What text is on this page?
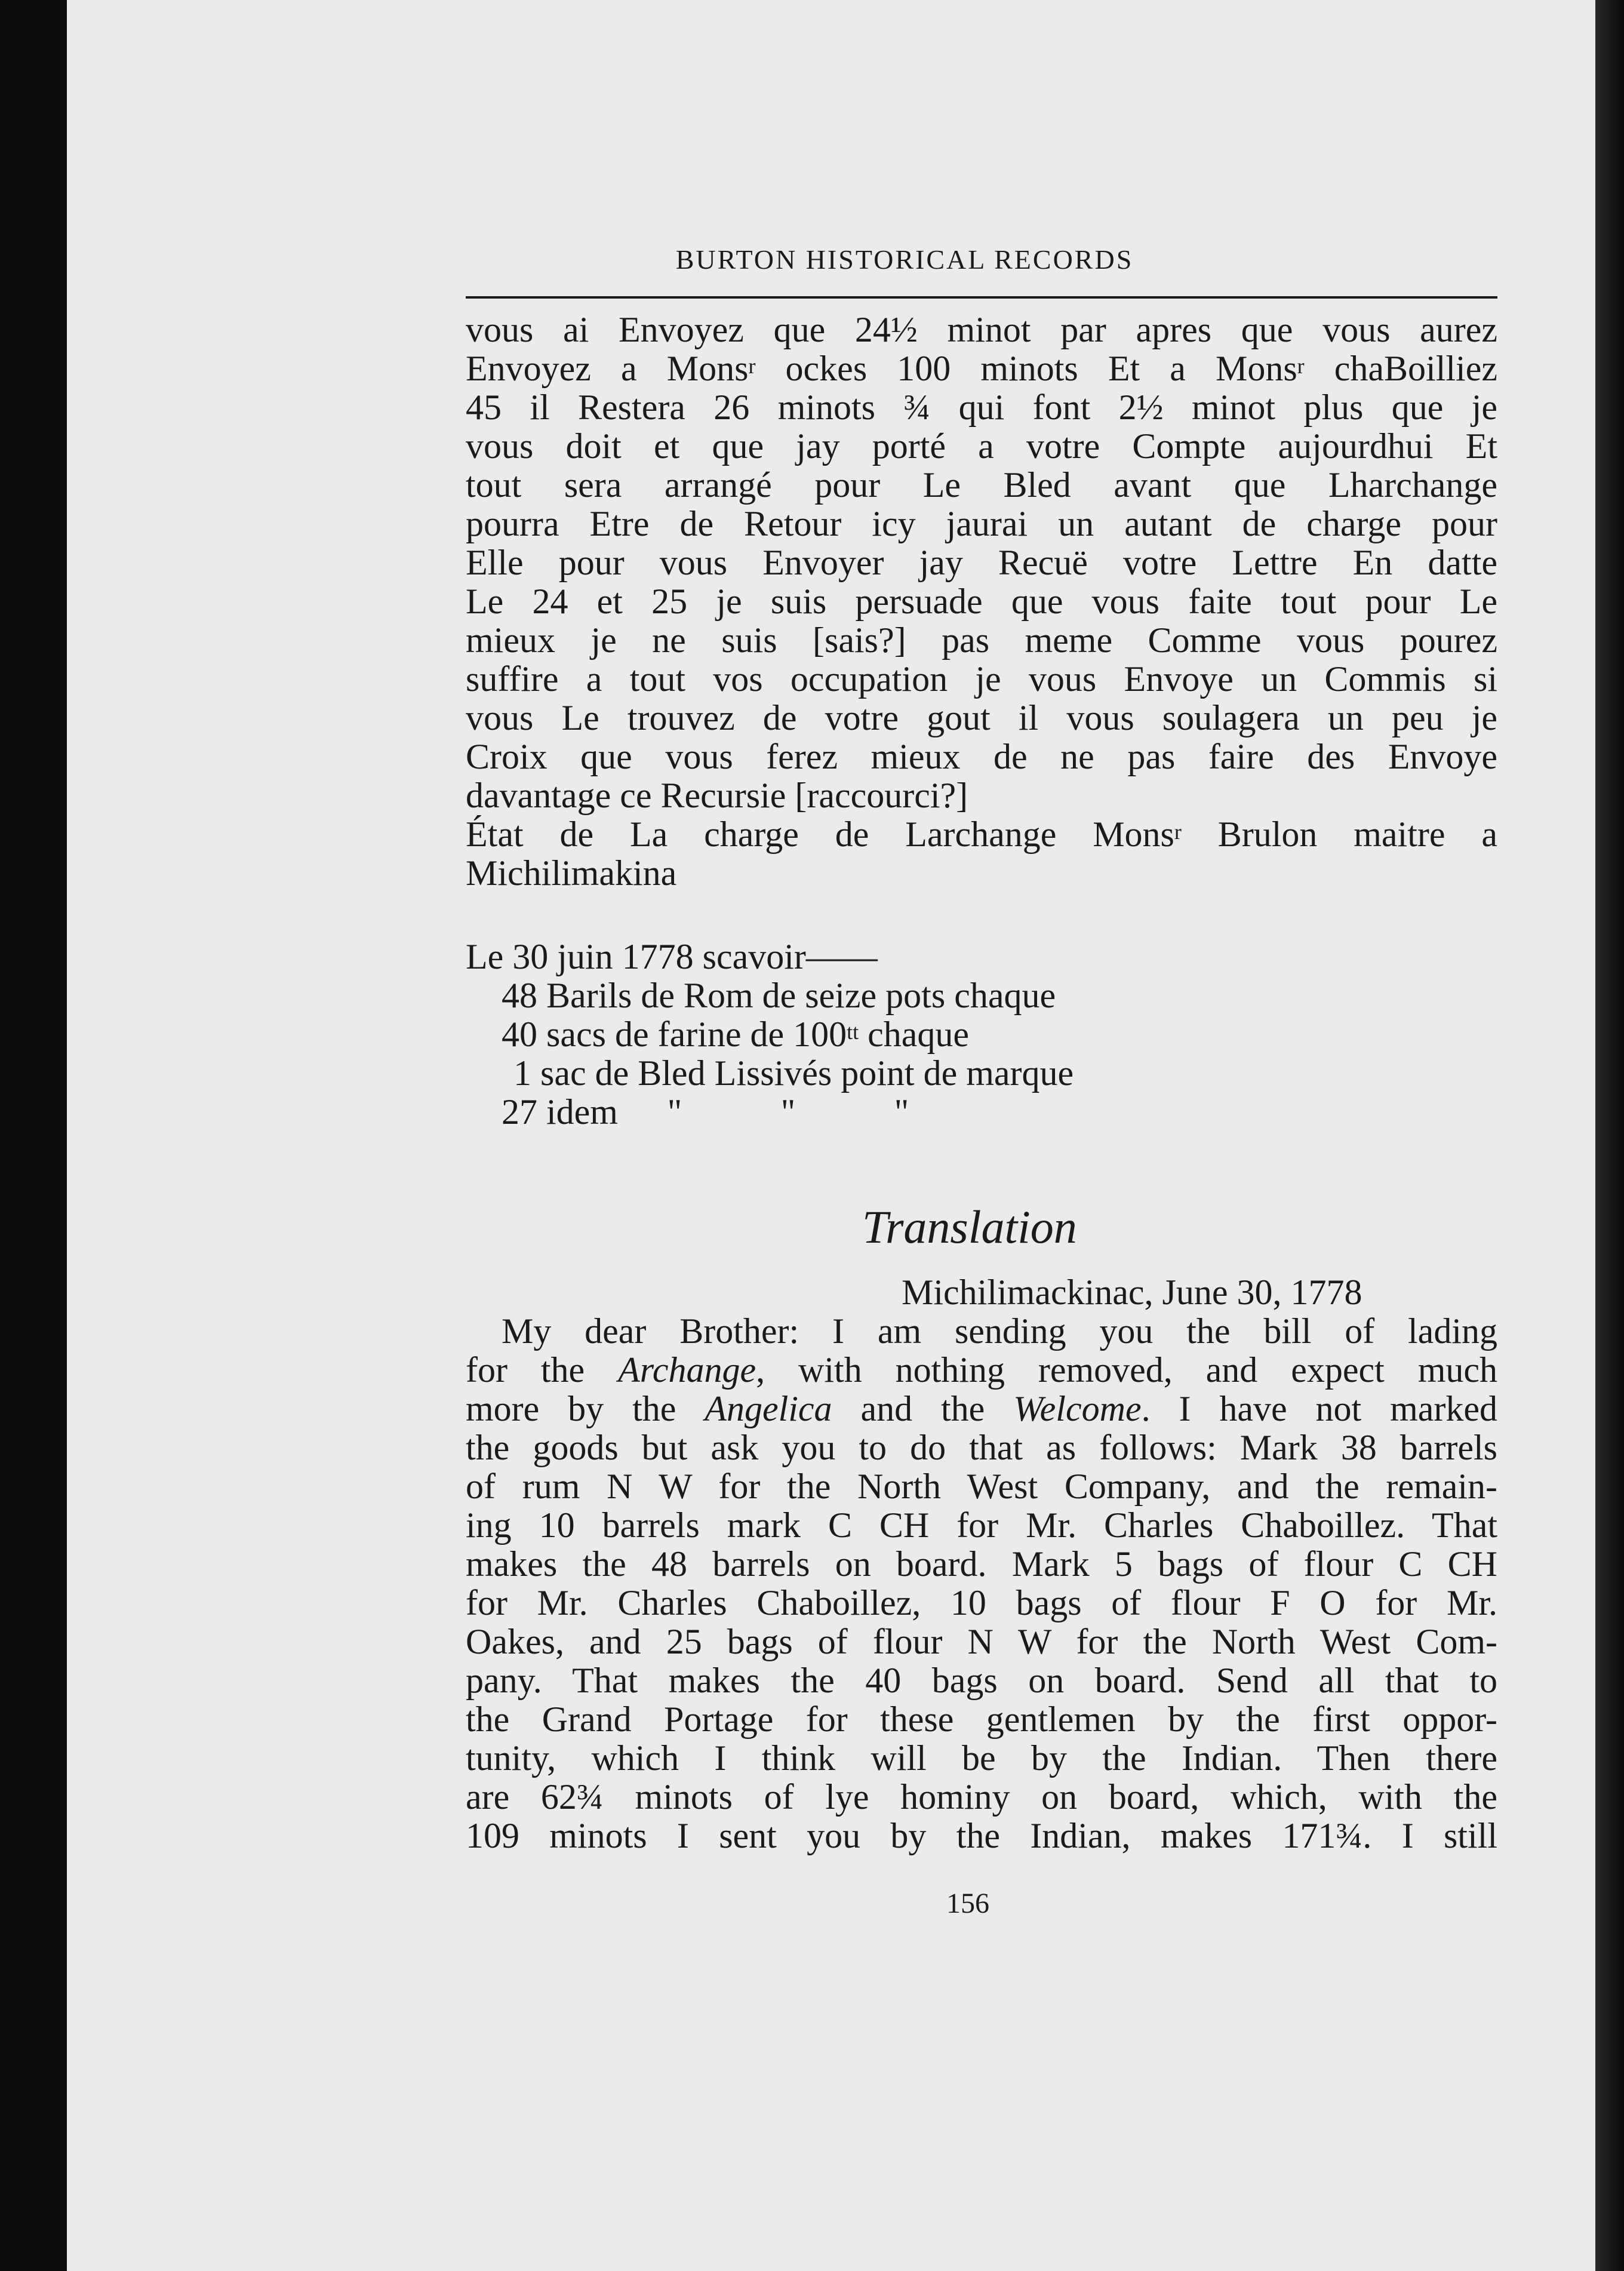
BURTON HISTORICAL RECORDS
vous ai Envoyez que 24½ minot par apres que vous aurez
Envoyez a Mons$^r$ ockes 100 minots Et a Mons$^r$ chaBoilliez
45 il Restera 26 minots ¾ qui font 2½ minot plus que je
vous doit et que jay porté a votre Compte aujourdhui Et
tout sera arrangé pour Le Bled avant que Lharchange
pourra Etre de Retour icy jaurai un autant de charge pour
Elle pour vous Envoyer jay Recuë votre Lettre En datte
Le 24 et 25 je suis persuade que vous faite tout pour Le
mieux je ne suis [sais?] pas meme Comme vous pourez
suffire a tout vos occupation je vous Envoye un Commis si
vous Le trouvez de votre gout il vous soulagera un peu je
Croix que vous ferez mieux de ne pas faire des Envoye
davantage ce Recursie [raccourci?]
État de La charge de Larchange Mons$^r$ Brulon maitre a
Michilimakina
Le 30 juin 1778 scavoir——
48 Barils de Rom de seize pots chaque
40 sacs de farine de $100^{tt}$ chaque
1 sac de Bled Lissivés point de marque
27 idem "	"	"
Translation
Michilimackinac, June 30, 1778
My dear Brother: I am sending you the bill of lading
for the Archange, with nothing removed, and expect much
more by the Angelica and the Welcome. I have not marked
the goods but ask you to do that as follows: Mark 38 barrels
of rum N W for the North West Company, and the remain-
ing 10 barrels mark C CH for Mr. Charles Chaboillez. That
makes the 48 barrels on board. Mark 5 bags of flour C CH
for Mr. Charles Chaboillez, 10 bags of flour F O for Mr.
Oakes, and 25 bags of flour N W for the North West Com-
pany. That makes the 40 bags on board. Send all that to
the Grand Portage for these gentlemen by the first oppor-
tunity, which I think will be by the Indian. Then there
are 62¾ minots of lye hominy on board, which, with the
109 minots I sent you by the Indian, makes 171¾. I still
156
